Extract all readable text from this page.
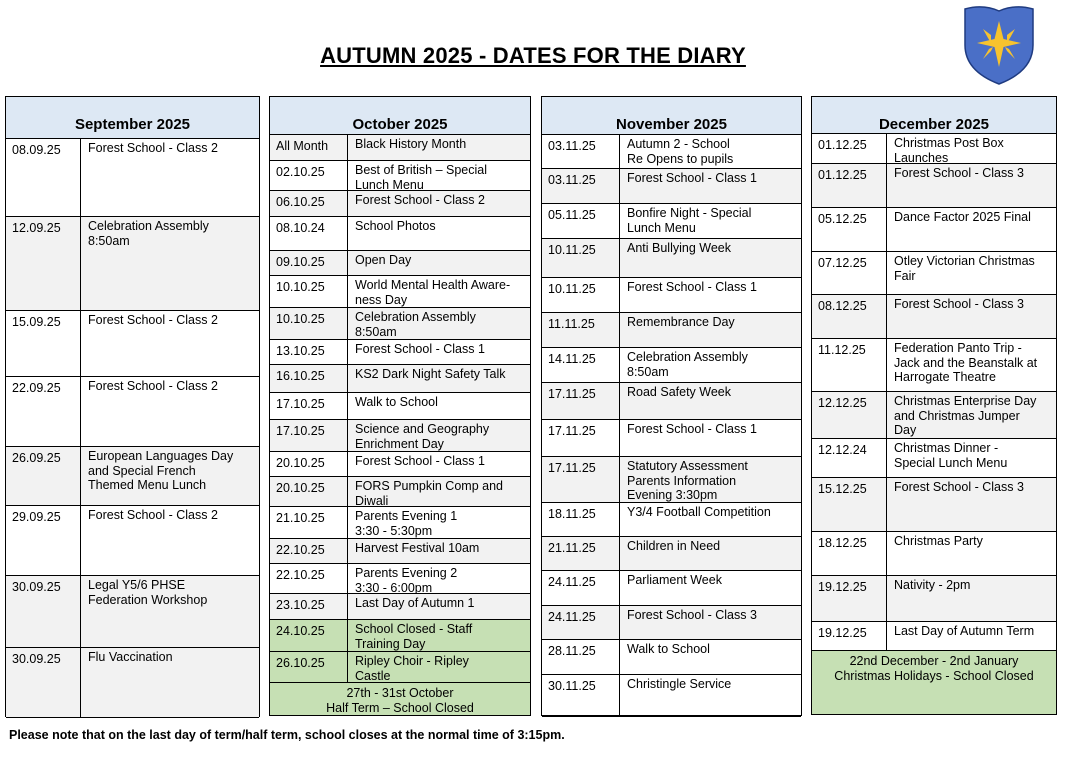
AUTUMN 2025 - DATES FOR THE DIARY
September 2025
08.09.25	Forest School - Class 2
12.09.25	Celebration Assembly
8:50am
15.09.25	Forest School - Class 2
22.09.25	Forest School - Class 2
26.09.25	European Languages Day
and Special French
Themed Menu Lunch
29.09.25	Forest School - Class 2
30.09.25	Legal Y5/6 PHSE
Federation Workshop
30.09.25	Flu Vaccination
October 2025
All Month	Black History Month
02.10.25	Best of British – Special
Lunch Menu
06.10.25	Forest School - Class 2
08.10.24	School Photos
09.10.25	Open Day
10.10.25	World Mental Health Aware-
ness Day
10.10.25	Celebration Assembly
8:50am
13.10.25	Forest School - Class 1
16.10.25	KS2 Dark Night Safety Talk
17.10.25	Walk to School
17.10.25	Science and Geography
Enrichment Day
20.10.25	Forest School - Class 1
20.10.25	FORS Pumpkin Comp and
Diwali
21.10.25	Parents Evening 1
3:30 - 5:30pm
22.10.25	Harvest Festival 10am
22.10.25	Parents Evening 2
3:30 - 6:00pm
23.10.25	Last Day of Autumn 1
24.10.25	School Closed - Staff
Training Day
26.10.25	Ripley Choir - Ripley
Castle
27th - 31st October
Half Term – School Closed
November 2025
03.11.25	Autumn 2 - School
Re Opens to pupils
03.11.25	Forest School - Class 1
05.11.25	Bonfire Night - Special
Lunch Menu
10.11.25	Anti Bullying Week
10.11.25	Forest School - Class 1
11.11.25	Remembrance Day
14.11.25	Celebration Assembly
8:50am
17.11.25	Road Safety Week
17.11.25	Forest School - Class 1
17.11.25	Statutory Assessment
Parents Information
Evening 3:30pm
18.11.25	Y3/4 Football Competition
21.11.25	Children in Need
24.11.25	Parliament Week
24.11.25	Forest School - Class 3
28.11.25	Walk to School
30.11.25	Christingle Service
December 2025
01.12.25	Christmas Post Box
Launches
01.12.25	Forest School - Class 3
05.12.25	Dance Factor 2025 Final
07.12.25	Otley Victorian Christmas
Fair
08.12.25	Forest School - Class 3
11.12.25	Federation Panto Trip -
Jack and the Beanstalk at
Harrogate Theatre
12.12.25	Christmas Enterprise Day
and Christmas Jumper
Day
12.12.24	Christmas Dinner -
Special Lunch Menu
15.12.25	Forest School - Class 3
18.12.25	Christmas Party
19.12.25	Nativity - 2pm
19.12.25	Last Day of Autumn Term
22nd December - 2nd January
Christmas Holidays - School Closed
Please note that on the last day of term/half term, school closes at the normal time of 3:15pm.
